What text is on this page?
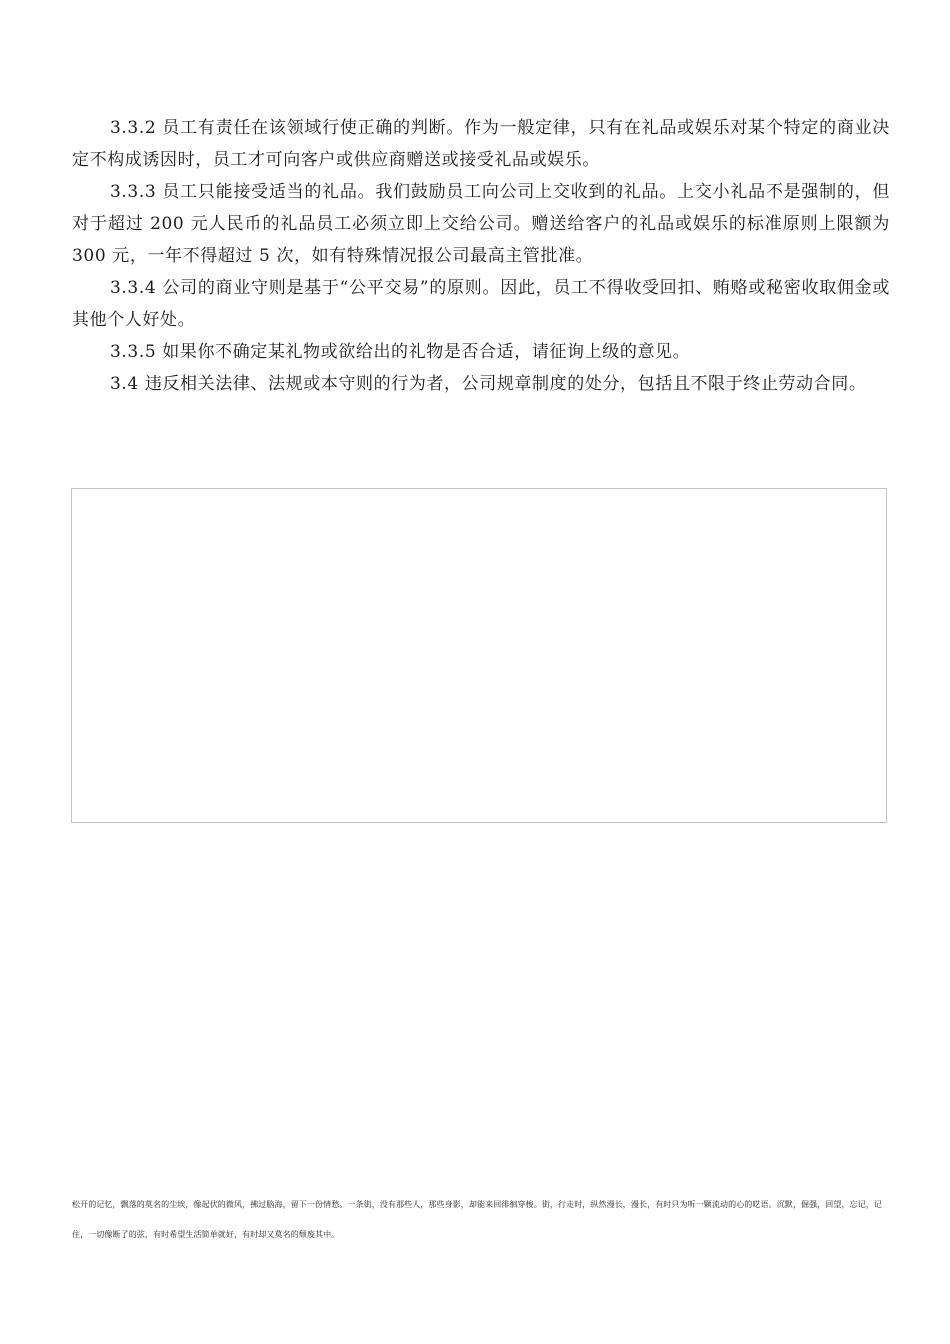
3.3.2 员工有责任在该领域行使正确的判断。作为一般定律，只有在礼品或娱乐对某个特定的商业决定不构成诱因时，员工才可向客户或供应商赠送或接受礼品或娱乐。

3.3.3 员工只能接受适当的礼品。我们鼓励员工向公司上交收到的礼品。上交小礼品不是强制的，但对于超过 200 元人民币的礼品员工必须立即上交给公司。赠送给客户的礼品或娱乐的标准原则上限额为 300 元，一年不得超过 5 次，如有特殊情况报公司最高主管批准。

3.3.4 公司的商业守则是基于“公平交易”的原则。因此，员工不得收受回扣、贿赂或秘密收取佣金或其他个人好处。

3.3.5 如果你不确定某礼物或欲给出的礼物是否合适，请征询上级的意见。

3.4 违反相关法律、法规或本守则的行为者，公司规章制度的处分，包括且不限于终止劳动合同。

松开的记忆，飘落的莫名的尘埃，像起伏的微风，拂过脑海，留下一份情愁。一条街，没有那些人，那些身影，却能来回徘徊穿梭。街，行走时，纵然漫长，漫长，有时只为听一颗流动的心的呓语。沉默，倔强，回望，忘记，记住，一切像断了的弦，有时希望生活简单就好，有时却又莫名的颓废其中。
